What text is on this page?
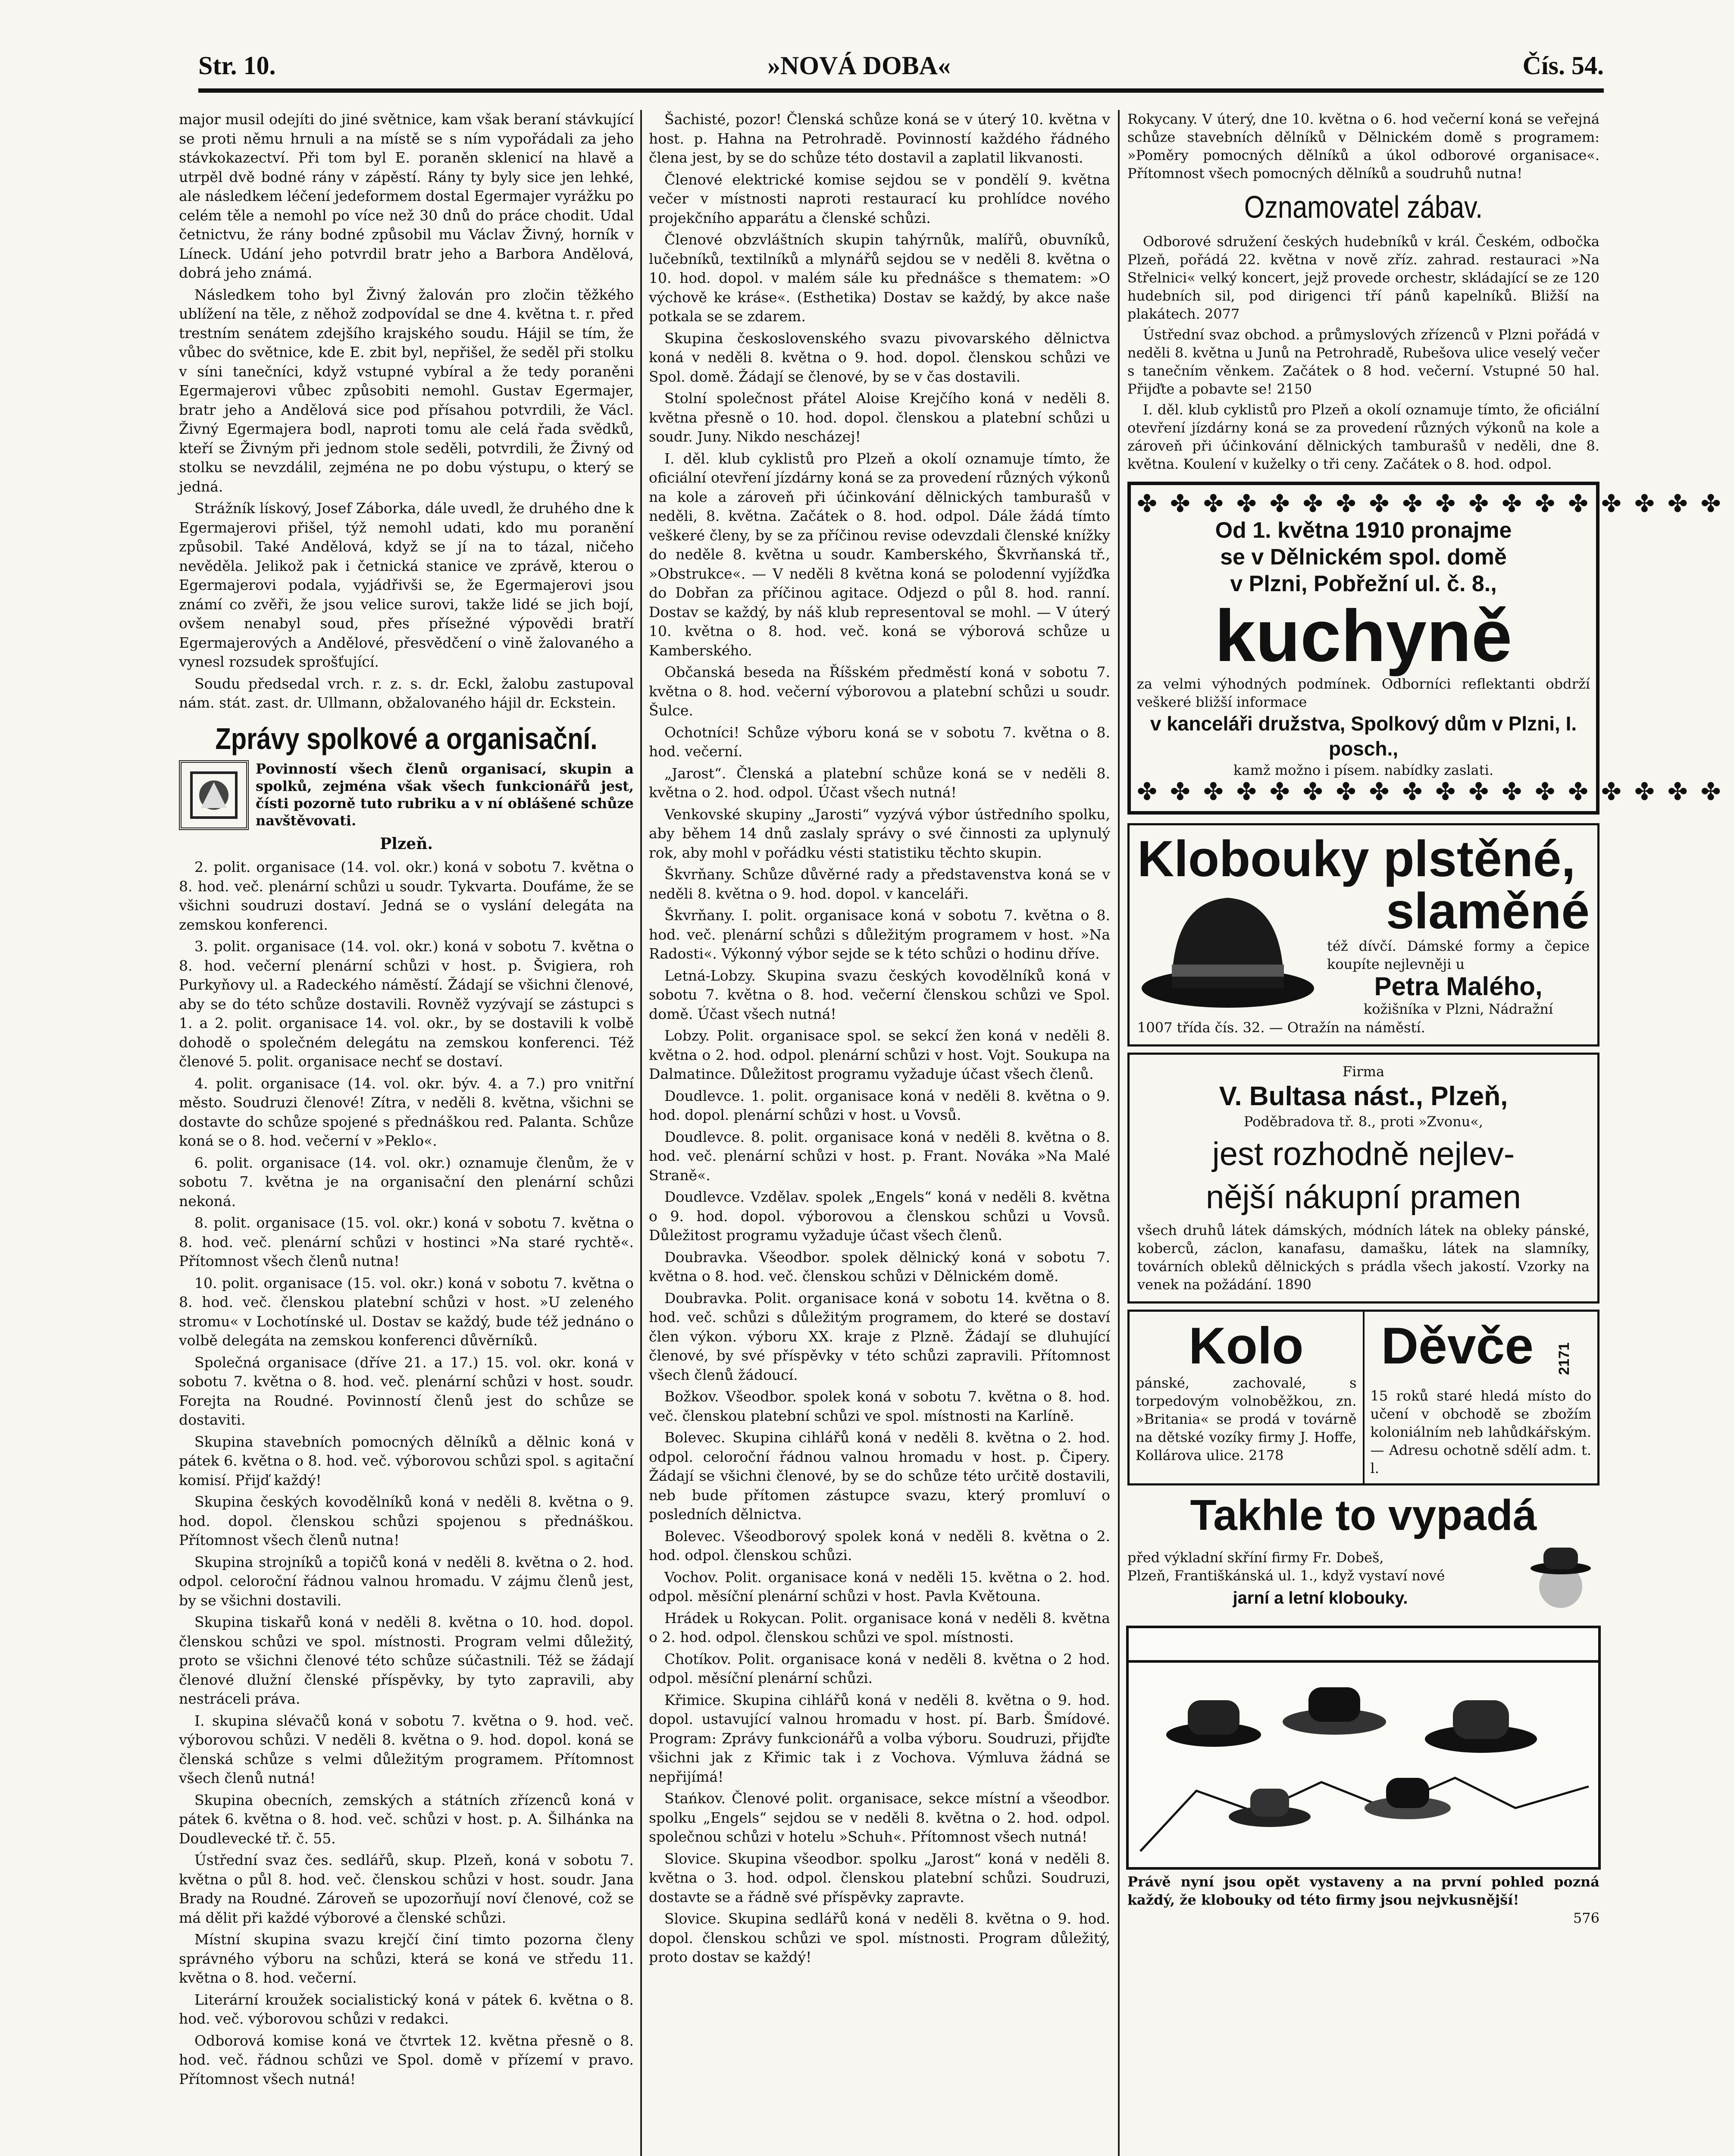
Str. 10.	»NOVÁ DOBA«	Čís. 54.

major musil odejíti do jiné světnice, kam však beraní stávkující se proti němu hrnuli a na místě se s ním vypořádali za jeho stávkokazectví. Při tom byl E. poraněn sklenicí na hlavě a utrpěl dvě bodné rány v zápěstí. Rány ty byly sice jen lehké, ale následkem léčení jedeformem dostal Egermajer vyrážku po celém těle a nemohl po více než 30 dnů do práce chodit. Udal četnictvu, že rány bodné způsobil mu Václav Živný, horník v Líneck. Udání jeho potvrdil bratr jeho a Barbora Andělová, dobrá jeho známá.

Následkem toho byl Živný žalován pro zločin těžkého ublížení na těle, z něhož zodpovídal se dne 4. května t. r. před trestním senátem zdejšího krajského soudu. Hájil se tím, že vůbec do světnice, kde E. zbit byl, nepřišel, že seděl při stolku v síni tanečníci, když vstupné vybíral a že tedy poraněni Egermajerovi vůbec způsobiti nemohl. Gustav Egermajer, bratr jeho a Andělová sice pod přísahou potvrdili, že Václ. Živný Egermajera bodl, naproti tomu ale celá řada svědků, kteří se Živným při jednom stole seděli, potvrdili, že Živný od stolku se nevzdálil, zejména ne po dobu výstupu, o který se jedná.

Strážník lískový, Josef Záborka, dále uvedl, že druhého dne k Egermajerovi přišel, týž nemohl udati, kdo mu poranění způsobil. Také Andělová, když se jí na to tázal, ničeho nevěděla. Jelikož pak i četnická stanice ve zprávě, kterou o Egermajerovi podala, vyjádřivši se, že Egermajerovi jsou známí co zvěři, že jsou velice surovi, takže lidé se jich bojí, ovšem nenabyl soud, přes přísežné výpovědi bratří Egermajerových a Andělové, přesvědčení o vině žalovaného a vynesl rozsudek sprošťující.

Soudu předsedal vrch. r. z. s. dr. Eckl, žalobu zastupoval nám. stát. zast. dr. Ullmann, obžalovaného hájil dr. Eckstein.

Zprávy spolkové a organisační.
Povinností všech členů organisací, skupin a spolků, zejména však všech funkcionářů jest, čísti pozorně tuto rubriku a v ní oblášené schůze navštěvovati.

Plzeň.

2. polit. organisace (14. vol. okr.) koná v sobotu 7. května o 8. hod. več. plenární schůzi u soudr. Tykvarta. Doufáme, že se všichni soudruzi dostaví. Jedná se o vyslání delegáta na zemskou konferenci.

3. polit. organisace (14. vol. okr.) koná v sobotu 7. května o 8. hod. večerní plenární schůzi v host. p. Švigiera, roh Purkyňovy ul. a Radeckého náměstí. Žádají se všichni členové, aby se do této schůze dostavili. Rovněž vyzývají se zástupci s 1. a 2. polit. organisace 14. vol. okr., by se dostavili k volbě dohodě o společném delegátu na zemskou konferenci. Též členové 5. polit. organisace nechť se dostaví.

4. polit. organisace (14. vol. okr. býv. 4. a 7.) pro vnitřní město. Soudruzi členové! Zítra, v neděli 8. května, všichni se dostavte do schůze spojené s přednáškou red. Palanta. Schůze koná se o 8. hod. večerní v »Peklo«.

6. polit. organisace (14. vol. okr.) oznamuje členům, že v sobotu 7. května je na organisační den plenární schůzi nekoná.

8. polit. organisace (15. vol. okr.) koná v sobotu 7. května o 8. hod. več. plenární schůzi v hostinci »Na staré rychtě«. Přítomnost všech členů nutna!

10. polit. organisace (15. vol. okr.) koná v sobotu 7. května o 8. hod. več. členskou platební schůzi v host. »U zeleného stromu« v Lochotínské ul. Dostav se každý, bude též jednáno o volbě delegáta na zemskou konferenci důvěrníků.

Společná organisace (dříve 21. a 17.) 15. vol. okr. koná v sobotu 7. května o 8. hod. več. plenární schůzi v host. soudr. Forejta na Roudné. Povinností členů jest do schůze se dostaviti.

Skupina stavebních pomocných dělníků a dělnic koná v pátek 6. května o 8. hod. več. výborovou schůzi spol. s agitační komisí. Přijď každý!

Skupina českých kovodělníků koná v neděli 8. května o 9. hod. dopol. členskou schůzi spojenou s přednáškou. Přítomnost všech členů nutna!

Skupina strojníků a topičů koná v neděli 8. května o 2. hod. odpol. celoroční řádnou valnou hromadu. V zájmu členů jest, by se všichni dostavili.

Skupina tiskařů koná v neděli 8. května o 10. hod. dopol. členskou schůzi ve spol. místnosti. Program velmi důležitý, proto se všichni členové této schůze súčastnili. Též se žádají členové dlužní členské příspěvky, by tyto zapravili, aby nestráceli práva.

I. skupina slévačů koná v sobotu 7. května o 9. hod. več. výborovou schůzi. V neděli 8. května o 9. hod. dopol. koná se členská schůze s velmi důležitým programem. Přítomnost všech členů nutná!

Skupina obecních, zemských a státních zřízenců koná v pátek 6. května o 8. hod. več. schůzi v host. p. A. Šilhánka na Doudlevecké tř. č. 55.

Ústřední svaz čes. sedlářů, skup. Plzeň, koná v sobotu 7. května o půl 8. hod. več. členskou schůzi v host. soudr. Jana Brady na Roudné. Zároveň se upozorňují noví členové, což se má dělit při každé výborové a členské schůzi.

Místní skupina svazu krejčí činí timto pozorna členy správného výboru na schůzi, která se koná ve středu 11. května o 8. hod. večerní.

Literární kroužek socialistický koná v pátek 6. května o 8. hod. več. výborovou schůzi v redakci.

Odborová komise koná ve čtvrtek 12. května přesně o 8. hod. več. řádnou schůzi ve Spol. domě v přízemí v pravo. Přítomnost všech nutná!

Šachisté, pozor! Členská schůze koná se v úterý 10. května v host. p. Hahna na Petrohradě. Povinností každého řádného člena jest, by se do schůze této dostavil a zaplatil likvanosti.

Členové elektrické komise sejdou se v pondělí 9. května večer v místnosti naproti restaurací ku prohlídce nového projekčního apparátu a členské schůzi.

Členové obzvláštních skupin tahýrnůk, malířů, obuvníků, lučebníků, textilníků a mlynářů sejdou se v neděli 8. května o 10. hod. dopol. v malém sále ku přednášce s thematem: »O výchově ke kráse«. (Esthetika) Dostav se každý, by akce naše potkala se se zdarem.

Skupina československého svazu pivovarského dělnictva koná v neděli 8. května o 9. hod. dopol. členskou schůzi ve Spol. domě. Žádají se členové, by se v čas dostavili.

Stolní společnost přátel Aloise Krejčího koná v neděli 8. května přesně o 10. hod. dopol. členskou a platební schůzi u soudr. Juny. Nikdo nescházej!

I. děl. klub cyklistů pro Plzeň a okolí oznamuje tímto, že oficiální otevření jízdárny koná se za provedení různých výkonů na kole a zároveň při účinkování dělnických tamburašů v neděli, 8. května. Začátek o 8. hod. odpol. Dále žádá tímto veškeré členy, by se za příčinou revise odevzdali členské knížky do neděle 8. května u soudr. Kamberského, Škvrňanská tř., »Obstrukce«. — V neděli 8 května koná se polodenní vyjížďka do Dobřan za příčinou agitace. Odjezd o půl 8. hod. ranní. Dostav se každý, by náš klub representoval se mohl. — V úterý 10. května o 8. hod. več. koná se výborová schůze u Kamberského.

Občanská beseda na Říšském předměstí koná v sobotu 7. května o 8. hod. večerní výborovou a platební schůzi u soudr. Šulce.

Ochotníci! Schůze výboru koná se v sobotu 7. května o 8. hod. večerní.

„Jarost“. Členská a platební schůze koná se v neděli 8. května o 2. hod. odpol. Účast všech nutná!

Venkovské skupiny „Jarosti“ vyzývá výbor ústředního spolku, aby během 14 dnů zaslaly správy o své činnosti za uplynulý rok, aby mohl v pořádku vésti statistiku těchto skupin.

Škvrňany. Schůze důvěrné rady a představenstva koná se v neděli 8. května o 9. hod. dopol. v kanceláři.

Škvrňany. I. polit. organisace koná v sobotu 7. května o 8. hod. več. plenární schůzi s důležitým programem v host. »Na Radosti«. Výkonný výbor sejde se k této schůzi o hodinu dříve.

Letná-Lobzy. Skupina svazu českých kovodělníků koná v sobotu 7. května o 8. hod. večerní členskou schůzi ve Spol. domě. Účast všech nutná!

Lobzy. Polit. organisace spol. se sekcí žen koná v neděli 8. května o 2. hod. odpol. plenární schůzi v host. Vojt. Soukupa na Dalmatince. Důležitost programu vyžaduje účast všech členů.

Doudlevce. 1. polit. organisace koná v neděli 8. května o 9. hod. dopol. plenární schůzi v host. u Vovsů.

Doudlevce. 8. polit. organisace koná v neděli 8. května o 8. hod. več. plenární schůzi v host. p. Frant. Nováka »Na Malé Straně«.

Doudlevce. Vzdělav. spolek „Engels“ koná v neděli 8. května o 9. hod. dopol. výborovou a členskou schůzi u Vovsů. Důležitost programu vyžaduje účast všech členů.

Doubravka. Všeodbor. spolek dělnický koná v sobotu 7. května o 8. hod. več. členskou schůzi v Dělnickém domě.

Doubravka. Polit. organisace koná v sobotu 14. května o 8. hod. več. schůzi s důležitým programem, do které se dostaví člen výkon. výboru XX. kraje z Plzně. Žádají se dluhující členové, by své příspěvky v této schůzi zapravili. Přítomnost všech členů žádoucí.

Božkov. Všeodbor. spolek koná v sobotu 7. května o 8. hod. več. členskou platební schůzi ve spol. místnosti na Karlíně.

Bolevec. Skupina cihlářů koná v neděli 8. května o 2. hod. odpol. celoroční řádnou valnou hromadu v host. p. Čipery. Žádají se všichni členové, by se do schůze této určitě dostavili, neb bude přítomen zástupce svazu, který promluví o posledních dělnictva.

Bolevec. Všeodborový spolek koná v neděli 8. května o 2. hod. odpol. členskou schůzi.

Vochov. Polit. organisace koná v neděli 15. května o 2. hod. odpol. měsíční plenární schůzi v host. Pavla Květouna.

Hrádek u Rokycan. Polit. organisace koná v neděli 8. května o 2. hod. odpol. členskou schůzi ve spol. místnosti.

Chotíkov. Polit. organisace koná v neděli 8. května o 2 hod. odpol. měsíční plenární schůzi.

Křimice. Skupina cihlářů koná v neděli 8. května o 9. hod. dopol. ustavující valnou hromadu v host. pí. Barb. Šmídové. Program: Zprávy funkcionářů a volba výboru. Soudruzi, přijďte všichni jak z Křimic tak i z Vochova. Výmluva žádná se nepřijímá!

Stańkov. Členové polit. organisace, sekce místní a všeodbor. spolku „Engels“ sejdou se v neděli 8. května o 2. hod. odpol. společnou schůzi v hotelu »Schuh«. Přítomnost všech nutná!

Slovice. Skupina všeodbor. spolku „Jarost“ koná v neděli 8. května o 3. hod. odpol. členskou platební schůzi. Soudruzi, dostavte se a řádně své příspěvky zapravte.

Slovice. Skupina sedlářů koná v neděli 8. května o 9. hod. dopol. členskou schůzi ve spol. místnosti. Program důležitý, proto dostav se každý!

Rokycany. V úterý, dne 10. května o 6. hod večerní koná se veřejná schůze stavebních dělníků v Dělnickém domě s programem: »Poměry pomocných dělníků a úkol odborové organisace«. Přítomnost všech pomocných dělníků a soudruhů nutna!

Oznamovatel zábav.

Odborové sdružení českých hudebníků v král. Českém, odbočka Plzeň, pořádá 22. května v nově zříz. zahrad. restauraci »Na Střelnici« velký koncert, jejž provede orchestr, skládající se ze 120 hudebních sil, pod dirigenci tří pánů kapelníků. Bližší na plakátech. 2077

Ústřední svaz obchod. a průmyslových zřízenců v Plzni pořádá v neděli 8. května u Junů na Petrohradě, Rubešova ulice veselý večer s tanečním věnkem. Začátek o 8 hod. večerní. Vstupné 50 hal. Přijďte a pobavte se! 2150

I. děl. klub cyklistů pro Plzeň a okolí oznamuje tímto, že oficiální otevření jízdárny koná se za provedení různých výkonů na kole a zároveň při účinkování dělnických tamburašů v neděli, dne 8. května. Koulení v kuželky o tři ceny. Začátek o 8. hod. odpol.

✤✤✤✤✤✤✤✤✤✤✤✤✤✤✤✤✤✤
Od 1. května 1910 pronajme
se v Dělnickém spol. domě
v Plzni, Pobřežní ul. č. 8.,
kuchyně
za velmi výhodných podmínek. Odborníci reflektanti obdrží veškeré bližší informace
v kanceláři družstva, Spolkový dům v Plzni, I. posch.,
kamž možno i písem. nabídky zaslati.
✤✤✤✤✤✤✤✤✤✤✤✤✤✤✤✤✤✤
Klobouky plstěné,
slaměné
též dívčí. Dámské formy a čepice koupíte nejlevněji u
Petra Malého,
kožišníka v Plzni, Nádražní
1007 třída čís. 32. — Otražín na náměstí.
Firma
V. Bultasa nást., Plzeň,
Poděbradova tř. 8., proti »Zvonu«,
jest rozhodně nejlev-
nější nákupní pramen
všech druhů látek dámských, módních látek na obleky pánské, koberců, záclon, kanafasu, damašku, látek na slamníky, továrních obleků dělnických s prádla všech jakostí. Vzorky na venek na požádání. 1890
Kolo
pánské, zachovalé, s torpedovým volnoběžkou, zn. »Britania« se prodá v továrně na dětské vozíky firmy J. Hoffe, Kollárova ulice. 2178
Děvče 2171
15 roků staré hledá místo do učení v obchodě se zbožím koloniálním neb lahůdkářským. — Adresu ochotně sdělí adm. t. l.
Takhle to vypadá
před výkladní skříní firmy Fr. Dobeš,
Plzeň, Františkánská ul. 1., když vystaví nové
jarní a letní klobouky.
Právě nyní jsou opět vystaveny a na první pohled pozná každý, že klobouky od této firmy jsou nejvkusnější!
576
